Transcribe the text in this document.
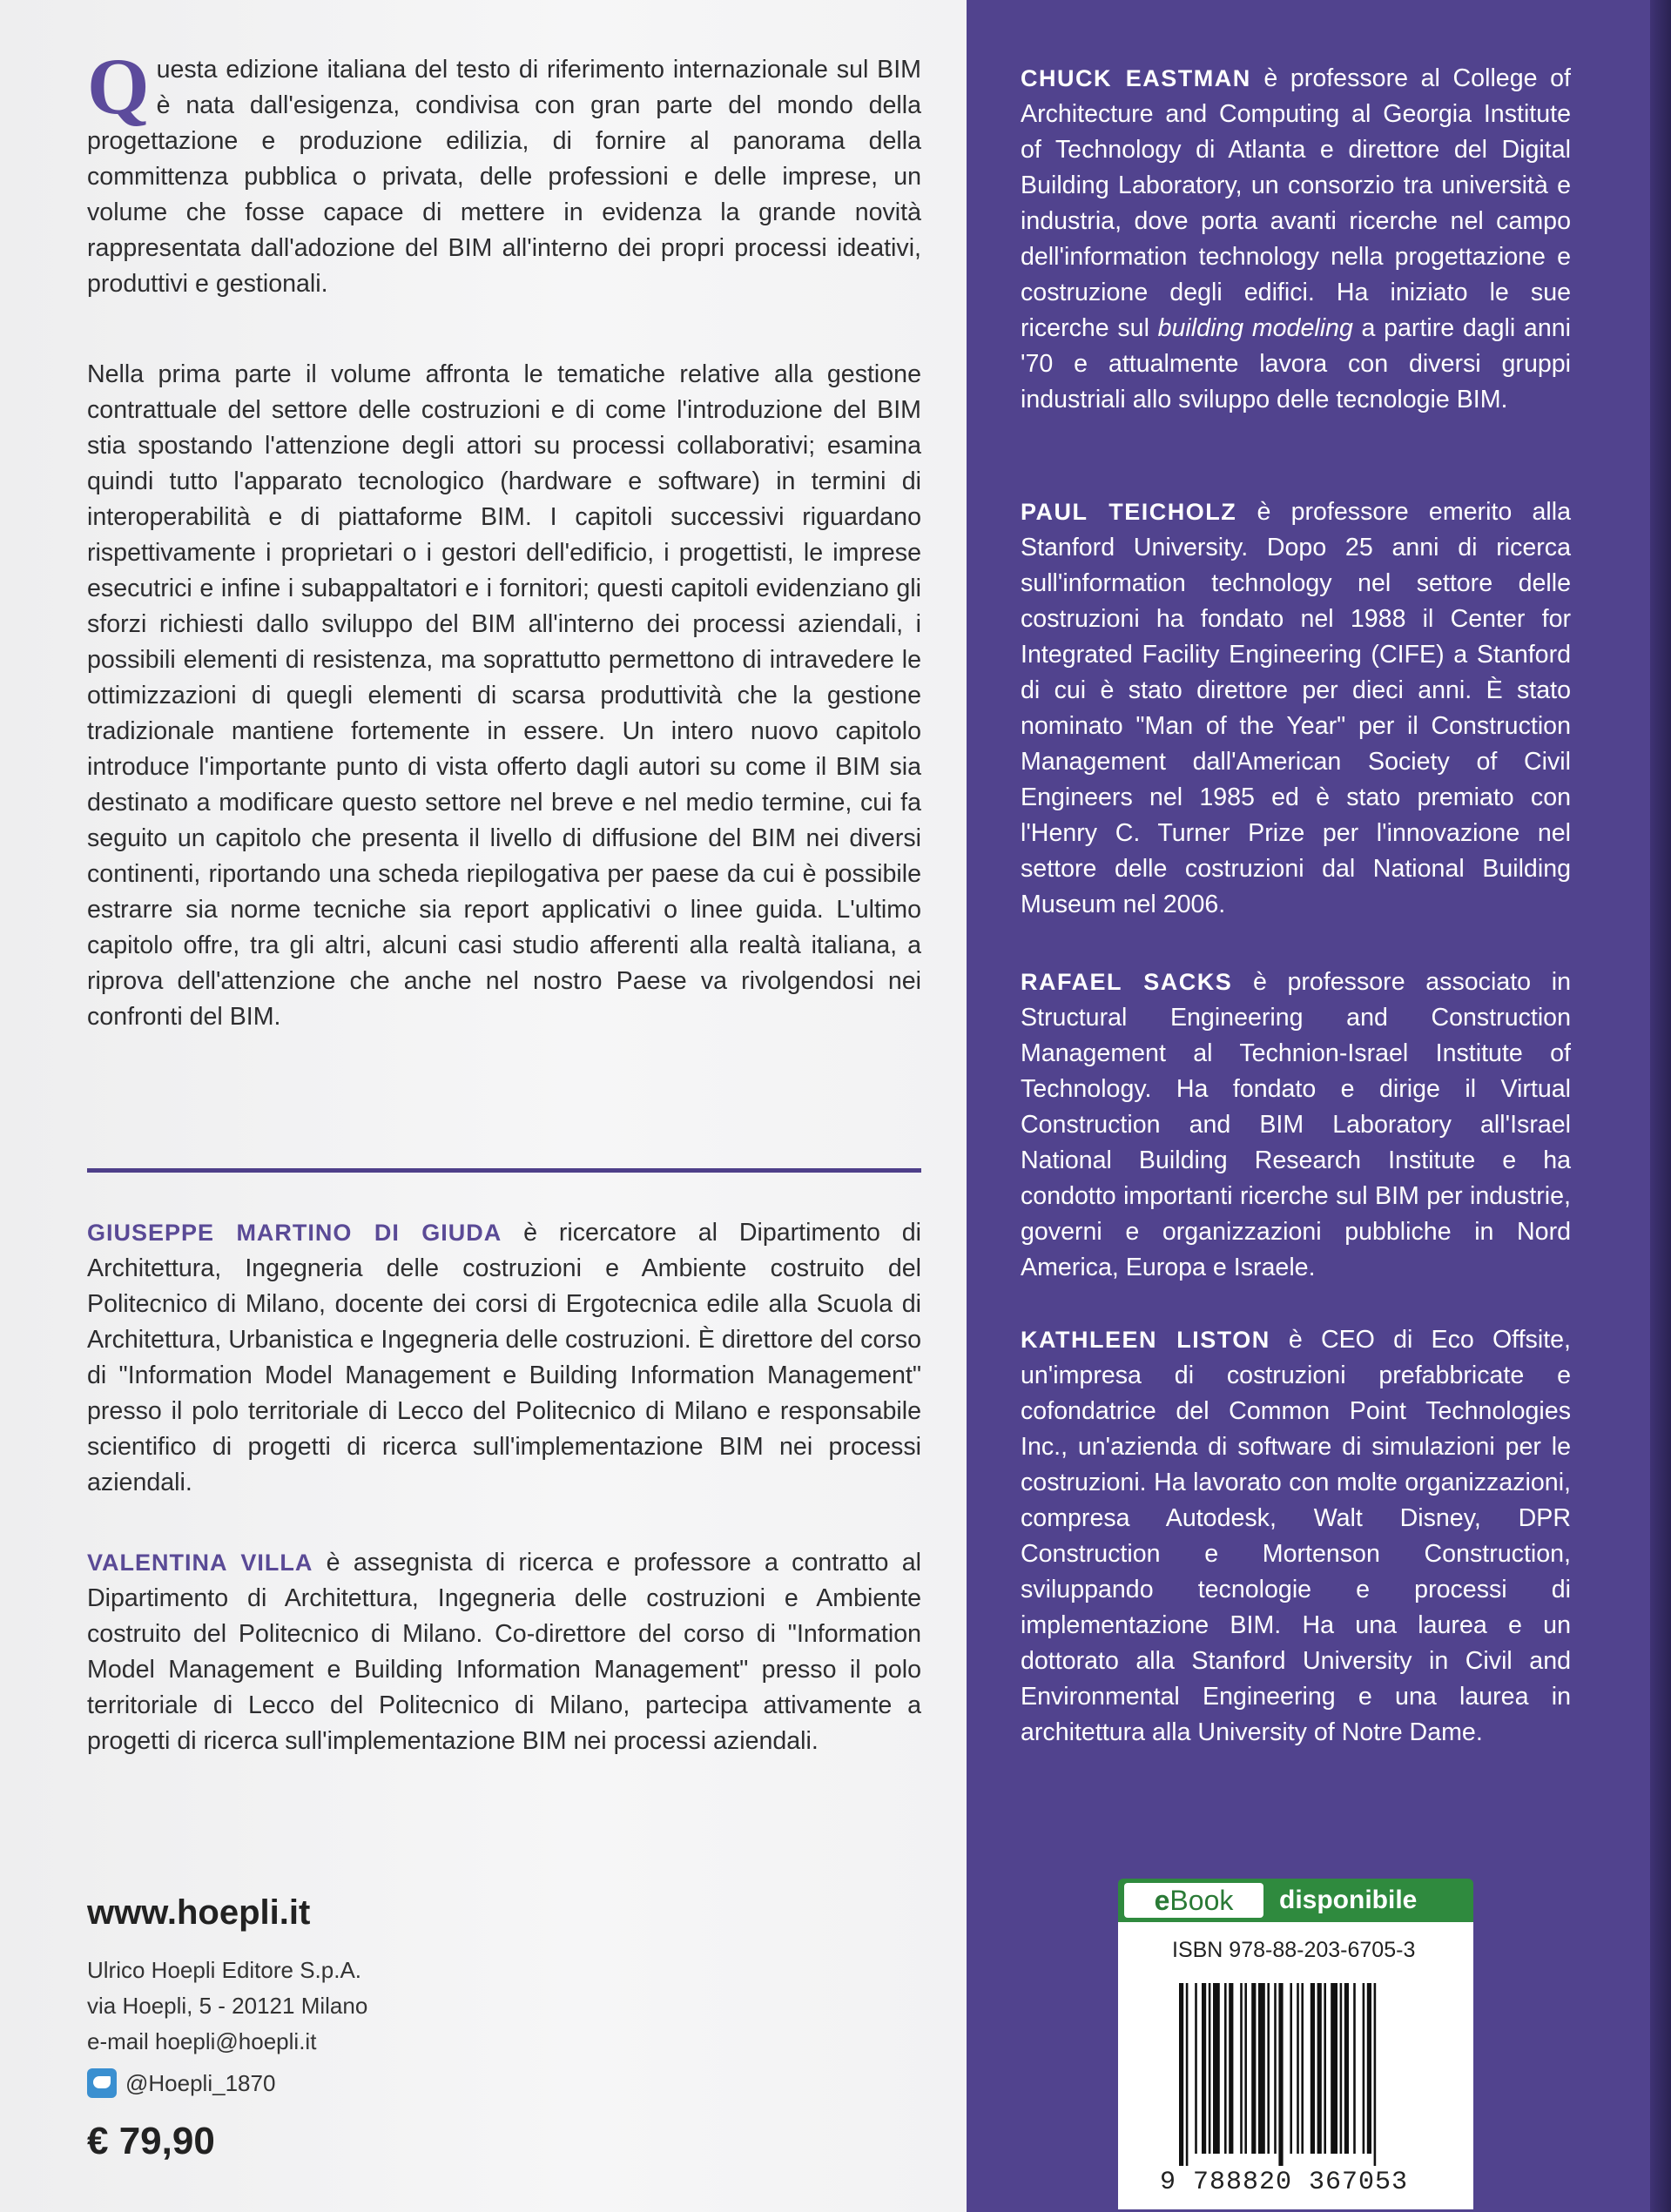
Questa edizione italiana del testo di riferimento internazionale sul BIM è nata dall'esigenza, condivisa con gran parte del mondo della progettazione e produzione edilizia, di fornire al panorama della committenza pubblica o privata, delle professioni e delle imprese, un volume che fosse capace di mettere in evidenza la grande novità rappresentata dall'adozione del BIM all'interno dei propri processi ideativi, produttivi e gestionali.

Nella prima parte il volume affronta le tematiche relative alla gestione contrattuale del settore delle costruzioni e di come l'introduzione del BIM stia spostando l'attenzione degli attori su processi collaborativi; esamina quindi tutto l'apparato tecnologico (hardware e software) in termini di interoperabilità e di piattaforme BIM. I capitoli successivi riguardano rispettivamente i proprietari o i gestori dell'edificio, i progettisti, le imprese esecutrici e infine i subappaltatori e i fornitori; questi capitoli evidenziano gli sforzi richiesti dallo sviluppo del BIM all'interno dei processi aziendali, i possibili elementi di resistenza, ma soprattutto permettono di intravedere le ottimizzazioni di quegli elementi di scarsa produttività che la gestione tradizionale mantiene fortemente in essere. Un intero nuovo capitolo introduce l'importante punto di vista offerto dagli autori su come il BIM sia destinato a modificare questo settore nel breve e nel medio termine, cui fa seguito un capitolo che presenta il livello di diffusione del BIM nei diversi continenti, riportando una scheda riepilogativa per paese da cui è possibile estrarre sia norme tecniche sia report applicativi o linee guida. L'ultimo capitolo offre, tra gli altri, alcuni casi studio afferenti alla realtà italiana, a riprova dell'attenzione che anche nel nostro Paese va rivolgendosi nei confronti del BIM.

GIUSEPPE MARTINO DI GIUDA è ricercatore al Dipartimento di Architettura, Ingegneria delle costruzioni e Ambiente costruito del Politecnico di Milano, docente dei corsi di Ergotecnica edile alla Scuola di Architettura, Urbanistica e Ingegneria delle costruzioni. È direttore del corso di "Information Model Management e Building Information Management" presso il polo territoriale di Lecco del Politecnico di Milano e responsabile scientifico di progetti di ricerca sull'implementazione BIM nei processi aziendali.

VALENTINA VILLA è assegnista di ricerca e professore a contratto al Dipartimento di Architettura, Ingegneria delle costruzioni e Ambiente costruito del Politecnico di Milano. Co-direttore del corso di "Information Model Management e Building Information Management" presso il polo territoriale di Lecco del Politecnico di Milano, partecipa attivamente a progetti di ricerca sull'implementazione BIM nei processi aziendali.

www.hoepli.it

Ulrico Hoepli Editore S.p.A.

via Hoepli, 5 - 20121 Milano

e-mail hoepli@hoepli.it

@Hoepli_1870

€ 79,90

CHUCK EASTMAN è professore al College of Architecture and Computing al Georgia Institute of Technology di Atlanta e direttore del Digital Building Laboratory, un consorzio tra università e industria, dove porta avanti ricerche nel campo dell'information technology nella progettazione e costruzione degli edifici. Ha iniziato le sue ricerche sul building modeling a partire dagli anni '70 e attualmente lavora con diversi gruppi industriali allo sviluppo delle tecnologie BIM.

PAUL TEICHOLZ è professore emerito alla Stanford University. Dopo 25 anni di ricerca sull'information technology nel settore delle costruzioni ha fondato nel 1988 il Center for Integrated Facility Engineering (CIFE) a Stanford di cui è stato direttore per dieci anni. È stato nominato "Man of the Year" per il Construction Management dall'American Society of Civil Engineers nel 1985 ed è stato premiato con l'Henry C. Turner Prize per l'innovazione nel settore delle costruzioni dal National Building Museum nel 2006.

RAFAEL SACKS è professore associato in Structural Engineering and Construction Management al Technion-Israel Institute of Technology. Ha fondato e dirige il Virtual Construction and BIM Laboratory all'Israel National Building Research Institute e ha condotto importanti ricerche sul BIM per industrie, governi e organizzazioni pubbliche in Nord America, Europa e Israele.

KATHLEEN LISTON è CEO di Eco Offsite, un'impresa di costruzioni prefabbricate e cofondatrice del Common Point Technologies Inc., un'azienda di software di simulazioni per le costruzioni. Ha lavorato con molte organizzazioni, compresa Autodesk, Walt Disney, DPR Construction e Mortenson Construction, sviluppando tecnologie e processi di implementazione BIM. Ha una laurea e un dottorato alla Stanford University in Civil and Environmental Engineering e una laurea in architettura alla University of Notre Dame.

e Book disponibile

ISBN 978-88-203-6705-3

9 788820 367053
